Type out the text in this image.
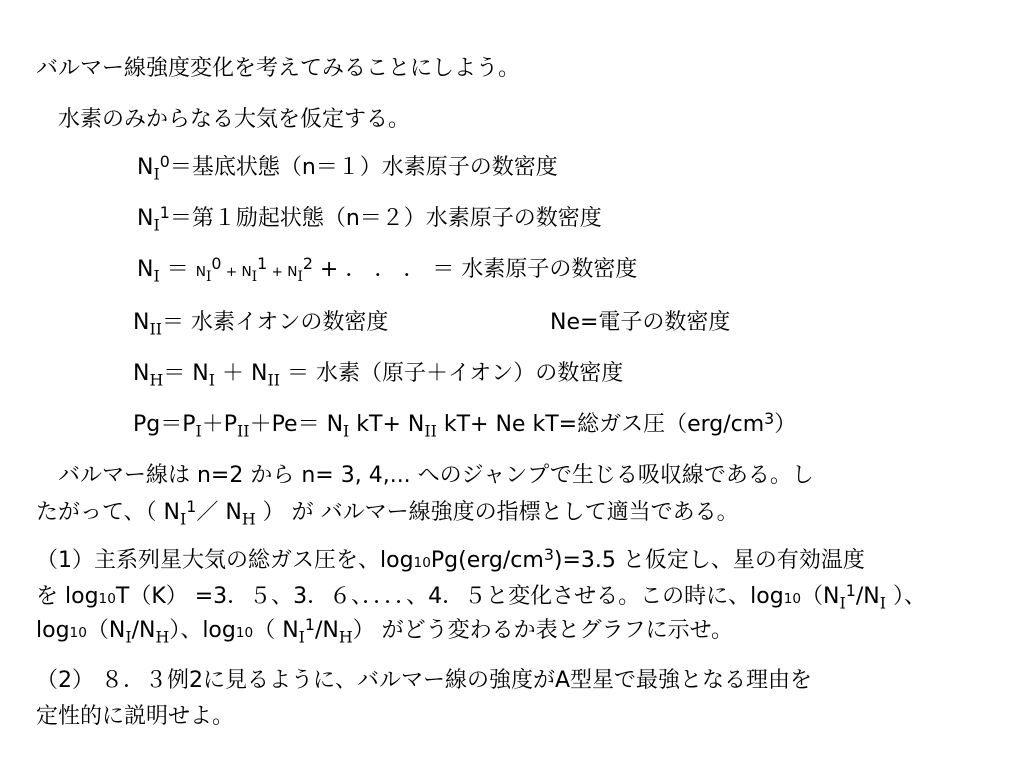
バルマー線強度変化を考えてみることにしよう。
水素のみからなる大気を仮定する。
$N_I^0=$基底状態（n＝１）水素原子の数密度
$N_I^1=$第１励起状態（n＝２）水素原子の数密度
$N_I = N_I^0 + N_I^1 + N_I^2$ + ． ． ． ＝ 水素原子の数密度
$N_{II}=$ 水素イオンの数密度	Ne=電子の数密度
$N_H= N_I + N_{II}$ ＝ 水素（原子＋イオン）の数密度
$Pg=P_I+P_{II}+Pe= N_I$ $kT+ N_{II}$ kT+ Ne kT=総ガス圧$(erg/cm^3)$
バルマー線は n=2 から n= 3, 4,... へのジャンプで生じる吸収線である。し
たがって、（ $N_I^1/$ $N_H$ ） が バルマー線強度の指標として適当である。
（1）主系列星大気の総ガス圧を、$\log 10Pg(erg/cm^3)=3.5$ と仮定し、星の有効温度
を log10T（K） =3．５、3．６、．．．．、4．５と変化させる。この時に、$\log 10(N_I^1/N_I$ ）、
$\log 10(N_I/N_H)$、log10（ $N_I^1/N_H$） がどう変わるか表とグラフに示せ。
（2） ８．３例2に見るように、バルマー線の強度がA型星で最強となる理由を
定性的に説明せよ。
